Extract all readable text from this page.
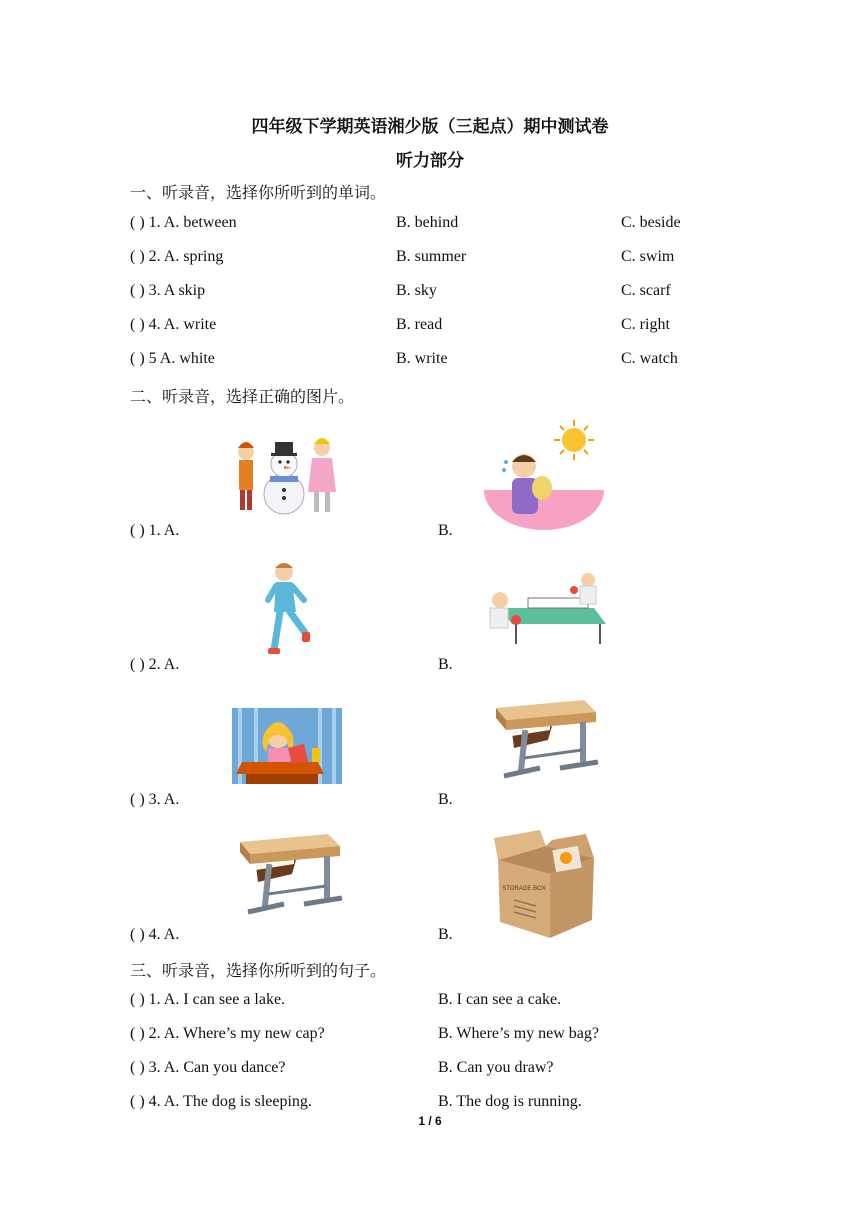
四年级下学期英语湘少版（三起点）期中测试卷
听力部分
一、听录音，选择你所听到的单词。
( ) 1. A. between	B. behind	C. beside
( ) 2. A. spring	B. summer	C. swim
( ) 3. A skip	B. sky	C. scarf
( ) 4. A. write	B. read	C. right
( ) 5 A. white	B. write	C. watch
二、听录音，选择正确的图片。
( ) 1. A.	B.
( ) 2. A.	B.
( ) 3. A.	B.
STORAGE BOX
( ) 4. A.	B.
三、听录音，选择你所听到的句子。
( ) 1. A. I can see a lake.	B. I can see a cake.
( ) 2. A. Where’s my new cap?	B. Where’s my new bag?
( ) 3. A. Can you dance?	B. Can you draw?
( ) 4. A. The dog is sleeping.	B. The dog is running.
1 / 6
